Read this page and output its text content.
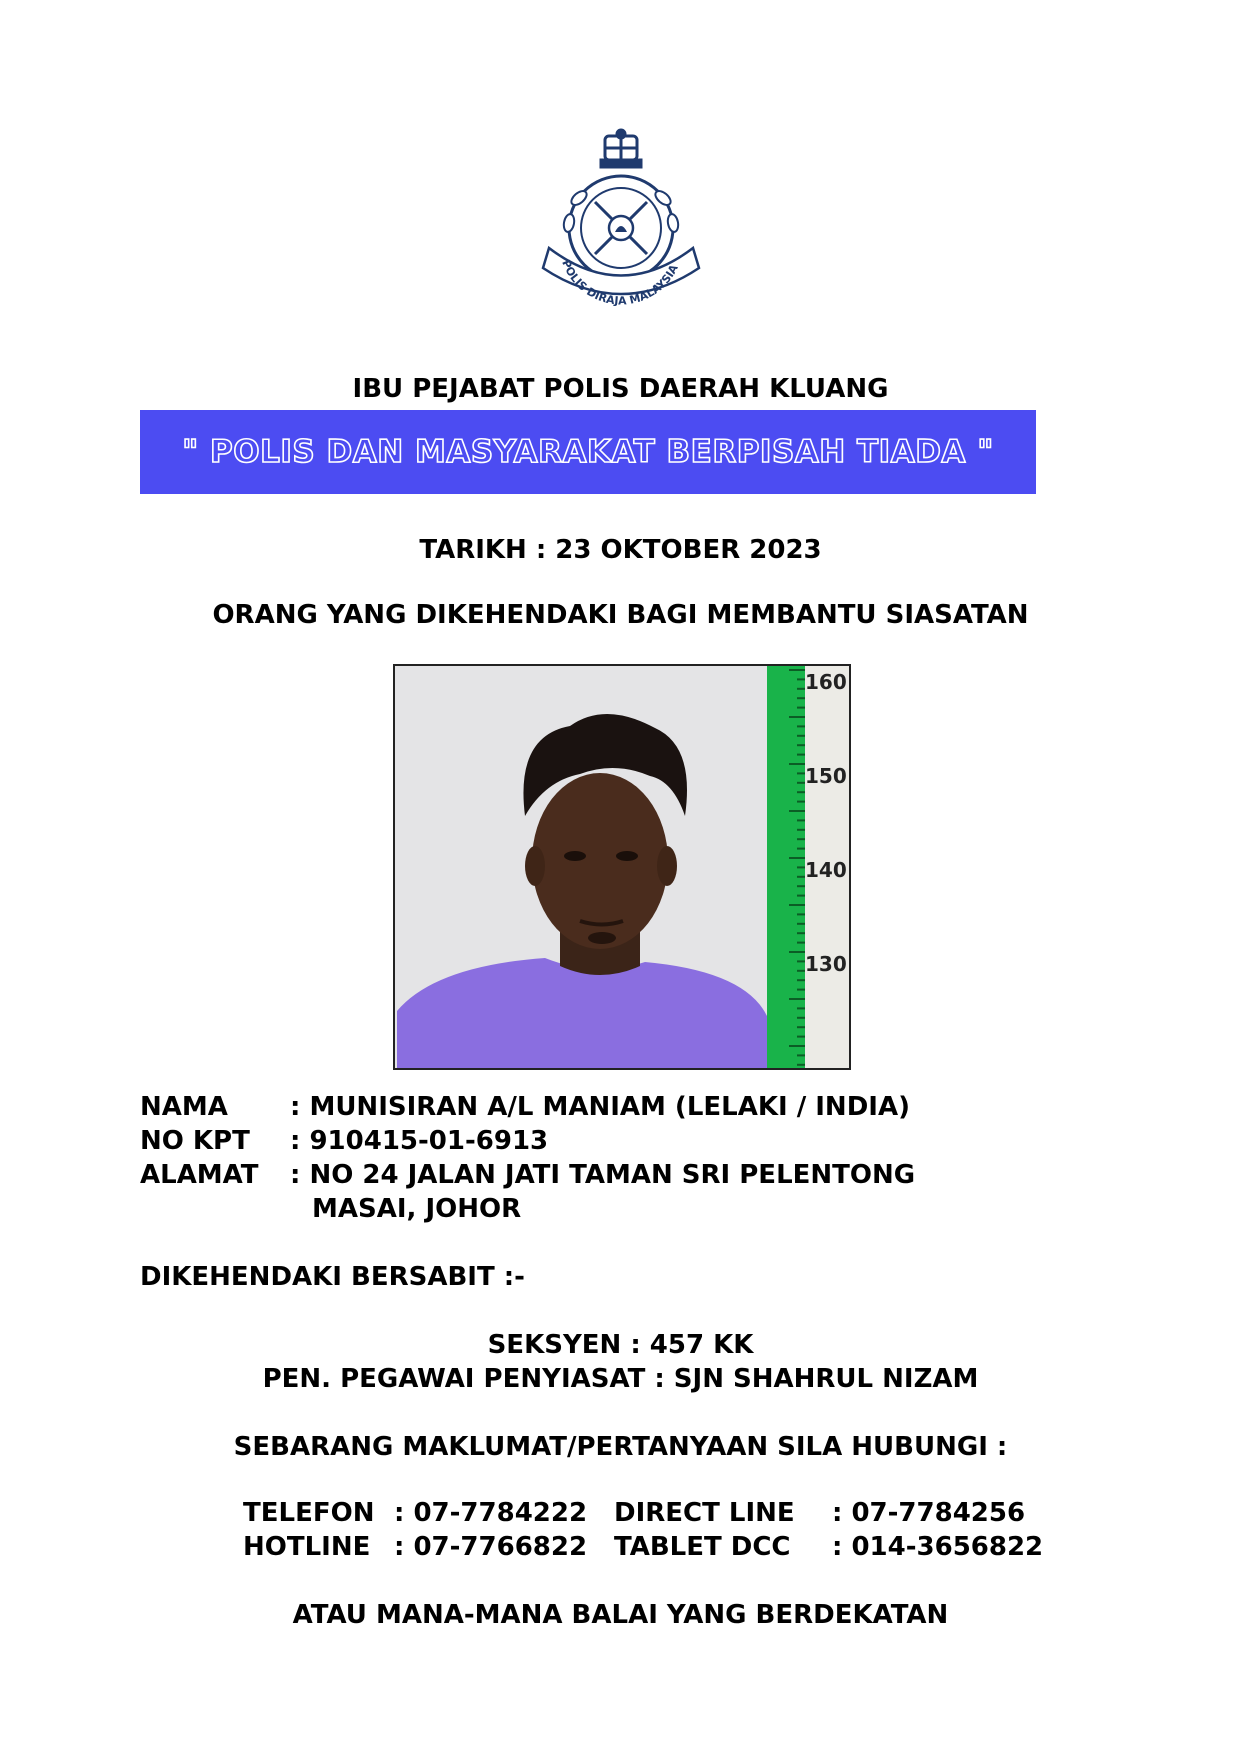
POLIS DIRAJA MALAYSIA
IBU PEJABAT POLIS DAERAH KLUANG
" POLIS DAN MASYARAKAT BERPISAH TIADA "
TARIKH : 23 OKTOBER 2023
ORANG YANG DIKEHENDAKI BAGI MEMBANTU SIASATAN
160
150
140
130
NAMA : MUNISIRAN A/L MANIAM (LELAKI / INDIA)
NO KPT : 910415-01-6913
ALAMAT : NO 24 JALAN JATI TAMAN SRI PELENTONG
MASAI, JOHOR
DIKEHENDAKI BERSABIT :-
SEKSYEN : 457 KK
PEN. PEGAWAI PENYIASAT : SJN SHAHRUL NIZAM
SEBARANG MAKLUMAT/PERTANYAAN SILA HUBUNGI :
TELEFON : 07-7784222 DIRECT LINE : 07-7784256
HOTLINE : 07-7766822 TABLET DCC : 014-3656822
ATAU MANA-MANA BALAI YANG BERDEKATAN
